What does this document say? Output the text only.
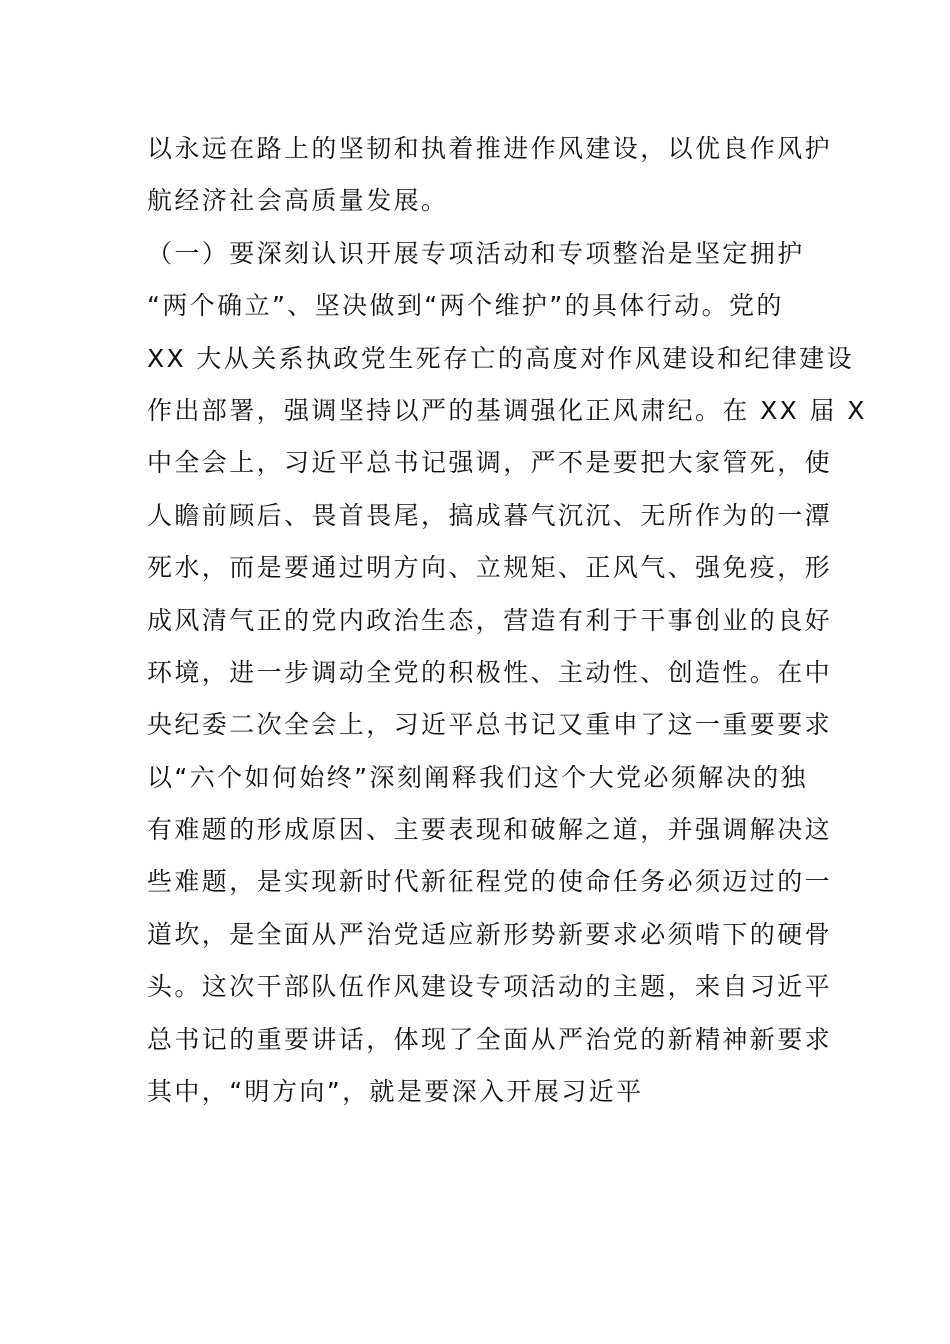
以永远在路上的坚韧和执着推进作风建设，以优良作风护
航经济社会高质量发展。
（一）要深刻认识开展专项活动和专项整治是坚定拥护
“两个确立”、坚决做到“两个维护”的具体行动。党的
XX 大从关系执政党生死存亡的高度对作风建设和纪律建设
作出部署，强调坚持以严的基调强化正风肃纪。在 XX 届 X
中全会上，习近平总书记强调，严不是要把大家管死，使
人瞻前顾后、畏首畏尾，搞成暮气沉沉、无所作为的一潭
死水，而是要通过明方向、立规矩、正风气、强免疫，形
成风清气正的党内政治生态，营造有利于干事创业的良好
环境，进一步调动全党的积极性、主动性、创造性。在中
央纪委二次全会上，习近平总书记又重申了这一重要要求
以“六个如何始终”深刻阐释我们这个大党必须解决的独
有难题的形成原因、主要表现和破解之道，并强调解决这
些难题，是实现新时代新征程党的使命任务必须迈过的一
道坎，是全面从严治党适应新形势新要求必须啃下的硬骨
头。这次干部队伍作风建设专项活动的主题，来自习近平
总书记的重要讲话，体现了全面从严治党的新精神新要求
其中，“明方向”，就是要深入开展习近平
